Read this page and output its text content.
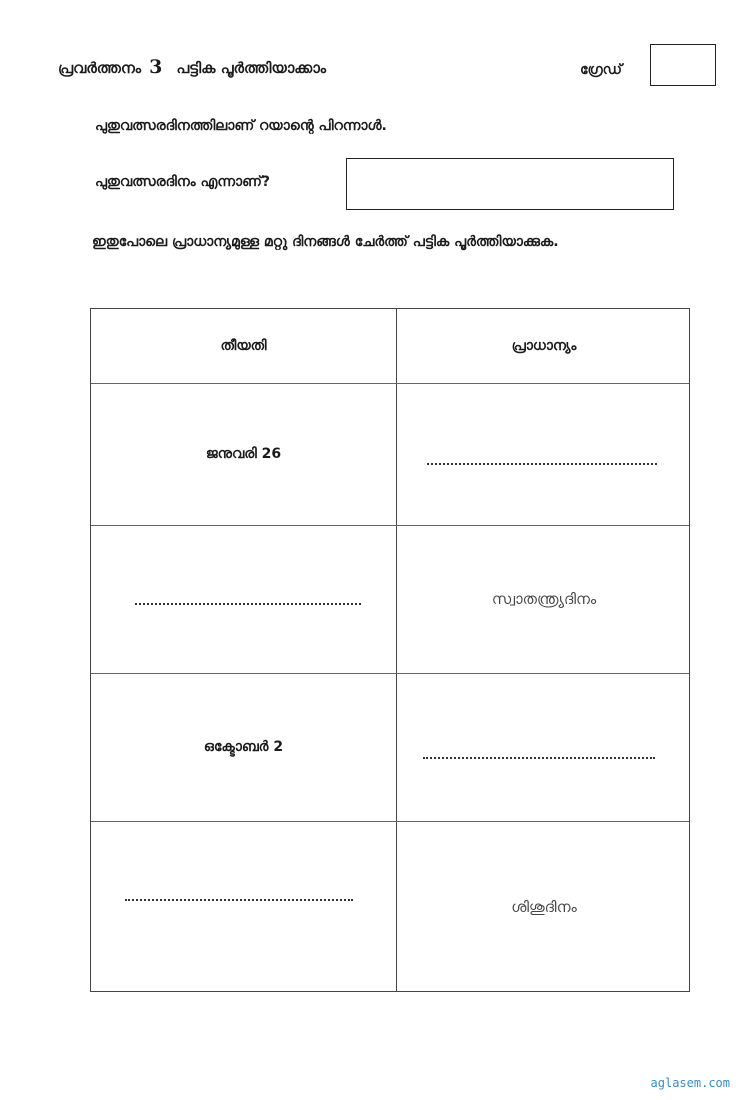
പ്രവർത്തനം 3 പട്ടിക പൂർത്തിയാക്കാം	ഗ്രേഡ്
പുതുവത്സരദിനത്തിലാണ് റയാന്റെ പിറന്നാൾ.
പുതുവത്സരദിനം എന്നാണ്?
ഇതുപോലെ പ്രാധാന്യമുള്ള മറ്റു ദിനങ്ങൾ ചേർത്ത് പട്ടിക പൂർത്തിയാക്കുക.
തീയതി	പ്രാധാന്യം
ജനുവരി 26
സ്വാതന്ത്ര്യദിനം
ഒക്ടോബർ 2
ശിശുദിനം
aglasem.com
